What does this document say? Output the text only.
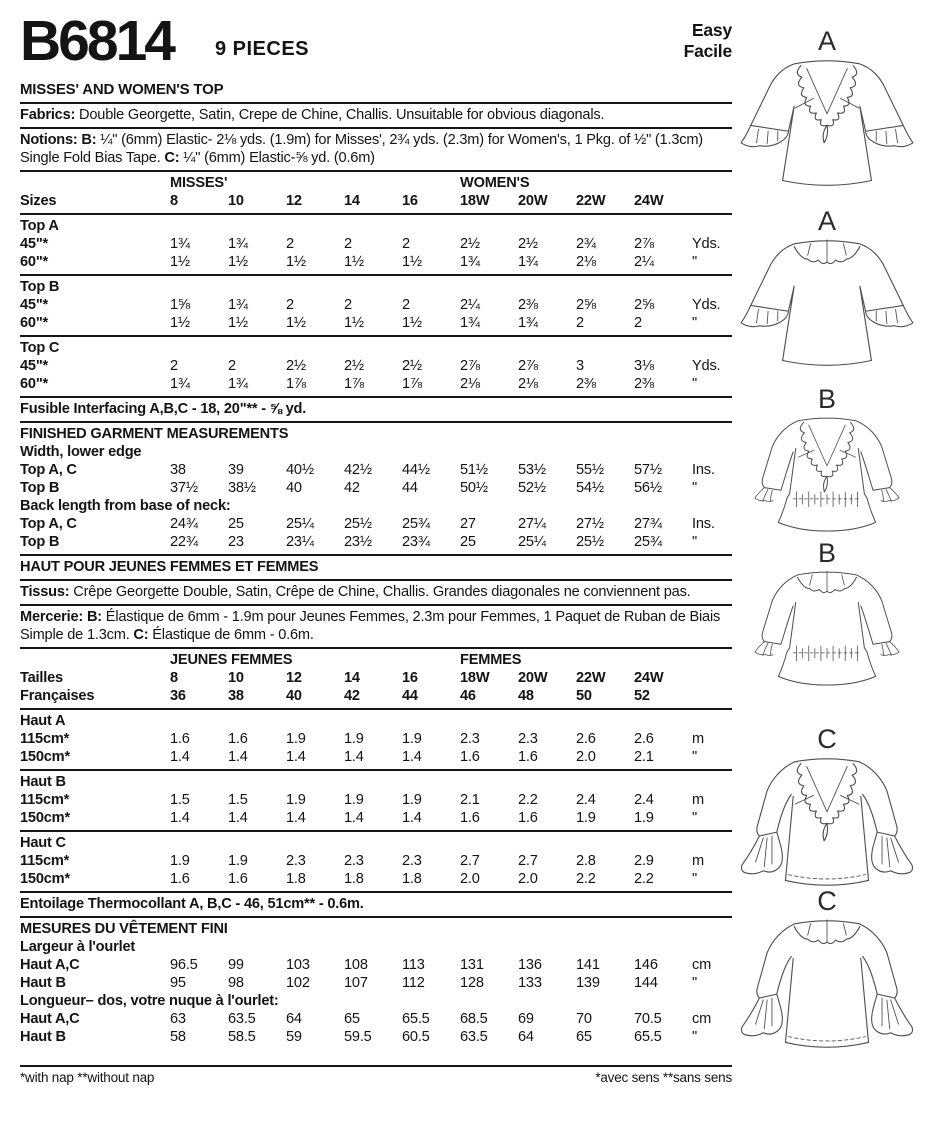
B6814 9 PIECES
Easy
Facile
MISSES' AND WOMEN'S TOP
Fabrics: Double Georgette, Satin, Crepe de Chine, Challis. Unsuitable for obvious diagonals.
Notions: B: ¼" (6mm) Elastic- 2⅛ yds. (1.9m) for Misses', 2¾ yds. (2.3m) for Women's, 1 Pkg. of ½" (1.3cm) Single Fold Bias Tape. C: ¼" (6mm) Elastic-⅝ yd. (0.6m)
MISSES'	WOMEN'S
Sizes	8	10	12	14	16	18W	20W	22W	24W
Top A
45"*	1¾	1¾	2	2	2	2½	2½	2¾	2⅞	Yds.
60"*	1½	1½	1½	1½	1½	1¾	1¾	2⅛	2¼	"
Top B
45"*	1⅝	1¾	2	2	2	2¼	2⅜	2⅝	2⅝	Yds.
60"*	1½	1½	1½	1½	1½	1¾	1¾	2	2	"
Top C
45"*	2	2	2½	2½	2½	2⅞	2⅞	3	3⅛	Yds.
60"*	1¾	1¾	1⅞	1⅞	1⅞	2⅛	2⅛	2⅜	2⅜	"
Fusible Interfacing A,B,C - 18, 20"** - ⅝ yd.
FINISHED GARMENT MEASUREMENTS
Width, lower edge
Top A, C	38	39	40½	42½	44½	51½	53½	55½	57½	Ins.
Top B	37½	38½	40	42	44	50½	52½	54½	56½	"
Back length from base of neck:
Top A, C	24¾	25	25¼	25½	25¾	27	27¼	27½	27¾	Ins.
Top B	22¾	23	23¼	23½	23¾	25	25¼	25½	25¾	"
HAUT POUR JEUNES FEMMES ET FEMMES
Tissus: Crêpe Georgette Double, Satin, Crêpe de Chine, Challis. Grandes diagonales ne conviennent pas.
Mercerie: B: Élastique de 6mm - 1.9m pour Jeunes Femmes, 2.3m pour Femmes, 1 Paquet de Ruban de Biais Simple de 1.3cm. C: Élastique de 6mm - 0.6m.
JEUNES FEMMES	FEMMES
Tailles	8	10	12	14	16	18W	20W	22W	24W
Françaises	36	38	40	42	44	46	48	50	52
Haut A
115cm*	1.6	1.6	1.9	1.9	1.9	2.3	2.3	2.6	2.6	m
150cm*	1.4	1.4	1.4	1.4	1.4	1.6	1.6	2.0	2.1	"
Haut B
115cm*	1.5	1.5	1.9	1.9	1.9	2.1	2.2	2.4	2.4	m
150cm*	1.4	1.4	1.4	1.4	1.4	1.6	1.6	1.9	1.9	"
Haut C
115cm*	1.9	1.9	2.3	2.3	2.3	2.7	2.7	2.8	2.9	m
150cm*	1.6	1.6	1.8	1.8	1.8	2.0	2.0	2.2	2.2	"
Entoilage Thermocollant A, B,C - 46, 51cm** - 0.6m.
MESURES DU VÊTEMENT FINI
Largeur à l'ourlet
Haut A,C	96.5	99	103	108	113	131	136	141	146	cm
Haut B	95	98	102	107	112	128	133	139	144	"
Longueur– dos, votre nuque à l'ourlet:
Haut A,C	63	63.5	64	65	65.5	68.5	69	70	70.5	cm
Haut B	58	58.5	59	59.5	60.5	63.5	64	65	65.5	"
*with nap **without nap	*avec sens **sans sens
A
A
B
B
C
C
